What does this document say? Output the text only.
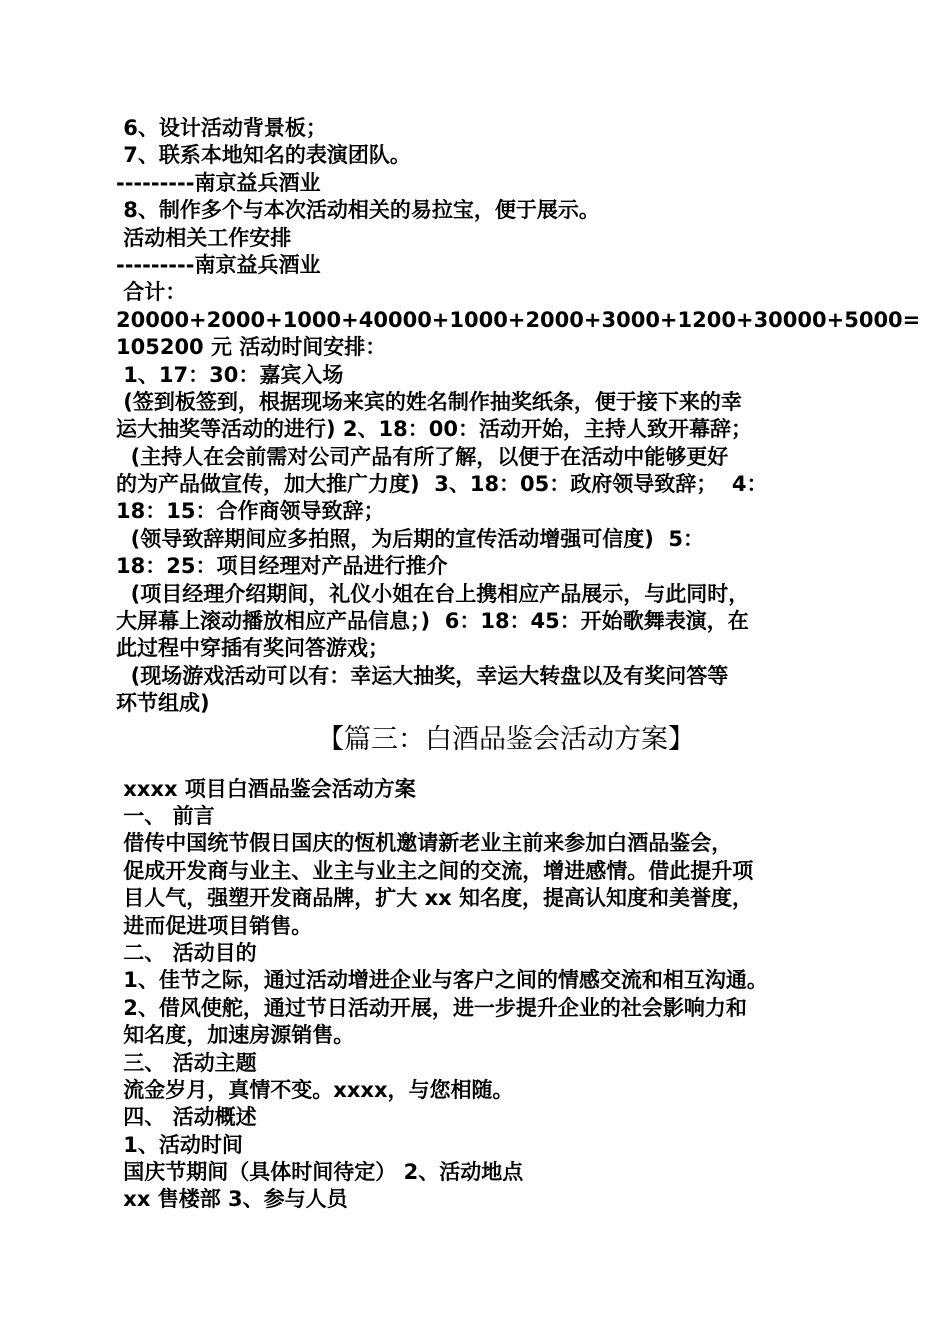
6、设计活动背景板；
7、联系本地知名的表演团队。
---------南京益兵酒业
8、制作多个与本次活动相关的易拉宝，便于展示。
活动相关工作安排
---------南京益兵酒业
合计：
20000+2000+1000+40000+1000+2000+3000+1200+30000+5000=
105200 元 活动时间安排：
1、17：30：嘉宾入场
(签到板签到，根据现场来宾的姓名制作抽奖纸条，便于接下来的幸
运大抽奖等活动的进行) 2、18：00：活动开始，主持人致开幕辞；
(主持人在会前需对公司产品有所了解，以便于在活动中能够更好
的为产品做宣传，加大推广力度)  3、18：05：政府领导致辞；  4：
18：15：合作商领导致辞；
(领导致辞期间应多拍照，为后期的宣传活动增强可信度)  5：
18：25：项目经理对产品进行推介
(项目经理介绍期间，礼仪小姐在台上携相应产品展示，与此同时，
大屏幕上滚动播放相应产品信息；)  6：18：45：开始歌舞表演，在
此过程中穿插有奖问答游戏；
(现场游戏活动可以有：幸运大抽奖，幸运大转盘以及有奖问答等
环节组成)
【篇三：白酒品鉴会活动方案】
xxxx 项目白酒品鉴会活动方案
一、 前言
借传中国统节假日国庆的恆机邀请新老业主前来参加白酒品鉴会，
促成开发商与业主、业主与业主之间的交流，增进感情。借此提升项
目人气，强塑开发商品牌，扩大 xx 知名度，提高认知度和美誉度，
进而促进项目销售。
二、 活动目的
1、佳节之际，通过活动增进企业与客户之间的情感交流和相互沟通。
2、借风使舵，通过节日活动开展，进一步提升企业的社会影响力和
知名度，加速房源销售。
三、 活动主题
流金岁月，真情不变。xxxx，与您相随。
四、 活动概述
1、活动时间
国庆节期间（具体时间待定） 2、活动地点
xx 售楼部 3、参与人员
